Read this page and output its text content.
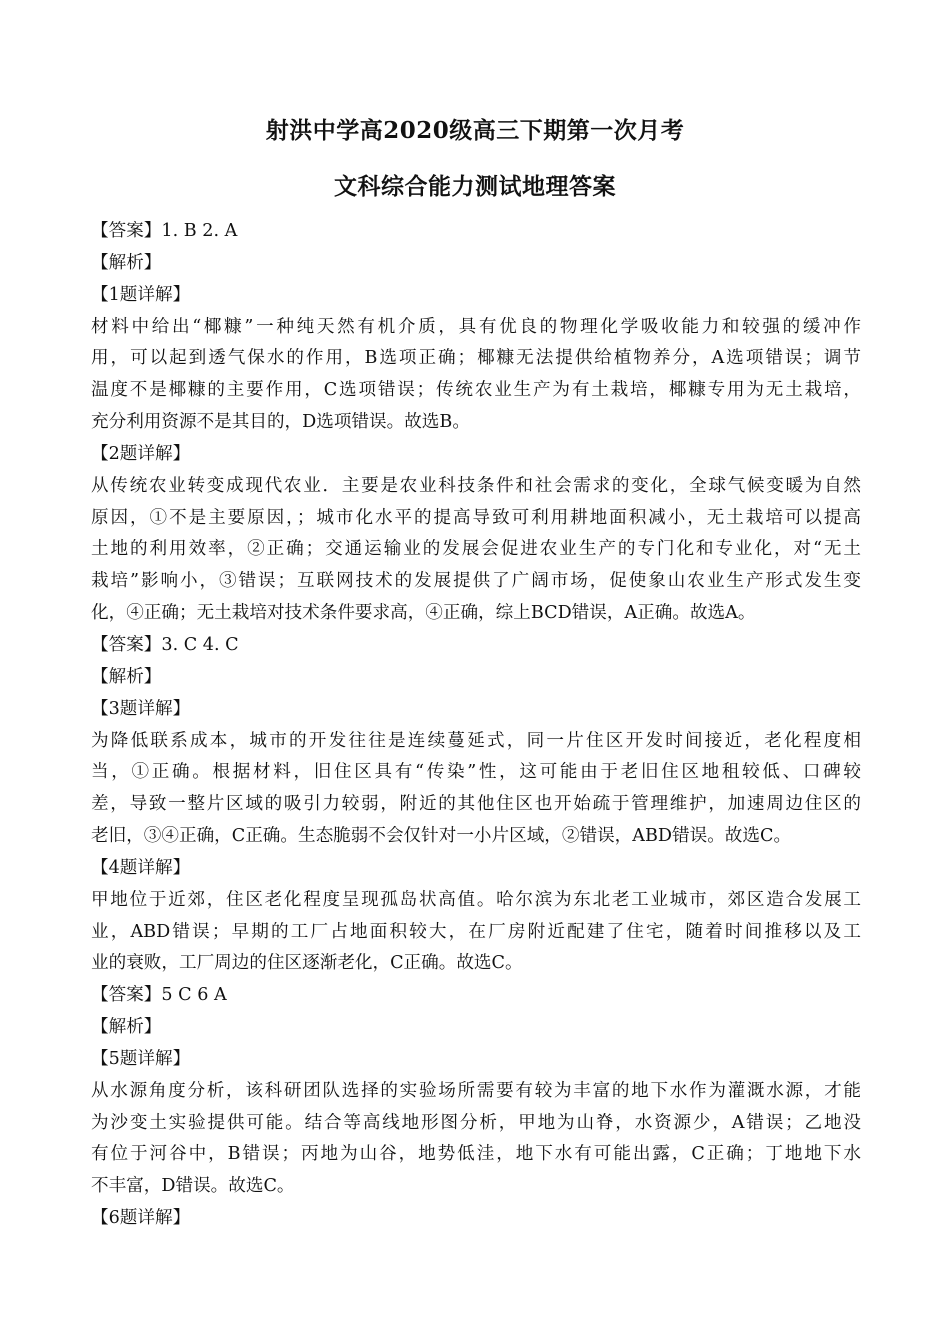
射洪中学高2020级高三下期第一次月考
文科综合能力测试地理答案
【答案】1. B 2. A
【解析】
【1题详解】
材料中给出“椰糠”一种纯天然有机介质，具有优良的物理化学吸收能力和较强的缓冲作
用，可以起到透气保水的作用，B选项正确；椰糠无法提供给植物养分，A选项错误；调节
温度不是椰糠的主要作用，C选项错误；传统农业生产为有土栽培，椰糠专用为无土栽培，
充分利用资源不是其目的，D选项错误。故选B。
【2题详解】
从传统农业转变成现代农业．主要是农业科技条件和社会需求的变化，全球气候变暖为自然
原因，①不是主要原因，；城市化水平的提高导致可利用耕地面积减小，无土栽培可以提高
土地的利用效率，②正确；交通运输业的发展会促进农业生产的专门化和专业化，对“无土
栽培”影响小，③错误；互联网技术的发展提供了广阔市场，促使象山农业生产形式发生变
化，④正确；无土栽培对技术条件要求高，④正确，综上BCD错误，A正确。故选A。
【答案】3. C 4. C
【解析】
【3题详解】
为降低联系成本，城市的开发往往是连续蔓延式，同一片住区开发时间接近，老化程度相
当，①正确。根据材料，旧住区具有“传染”性，这可能由于老旧住区地租较低、口碑较
差，导致一整片区域的吸引力较弱，附近的其他住区也开始疏于管理维护，加速周边住区的
老旧，③④正确，C正确。生态脆弱不会仅针对一小片区域，②错误，ABD错误。故选C。
【4题详解】
甲地位于近郊，住区老化程度呈现孤岛状高值。哈尔滨为东北老工业城市，郊区造合发展工
业，ABD错误；早期的工厂占地面积较大，在厂房附近配建了住宅，随着时间推移以及工
业的衰败，工厂周边的住区逐渐老化，C正确。故选C。
【答案】5 C 6 A
【解析】
【5题详解】
从水源角度分析，该科研团队选择的实验场所需要有较为丰富的地下水作为灌溉水源，才能
为沙变土实验提供可能。结合等高线地形图分析，甲地为山脊，水资源少，A错误；乙地没
有位于河谷中，B错误；丙地为山谷，地势低洼，地下水有可能出露，C正确；丁地地下水
不丰富，D错误。故选C。
【6题详解】
